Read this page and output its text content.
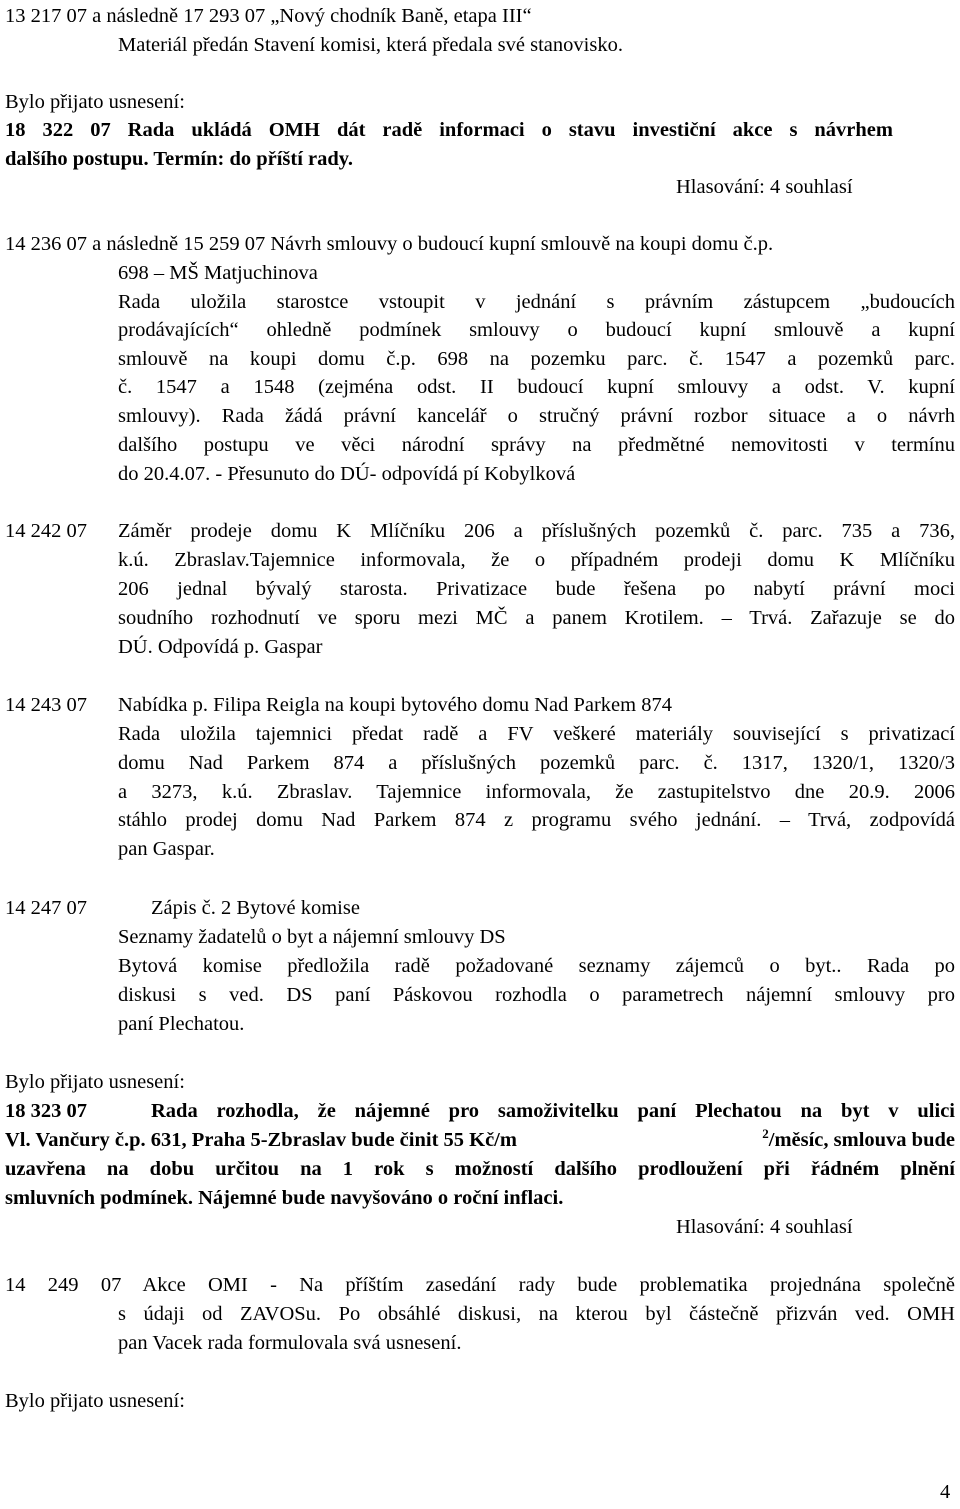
13 217 07 a následně 17 293 07 „Nový chodník Baně, etapa III“
Materiál předán Stavení komisi, která předala své stanovisko.
Bylo přijato usnesení:
18 322 07 Rada ukládá OMH dát radě informaci o stavu investiční akce s návrhem
dalšího postupu. Termín: do příští rady.
Hlasování: 4 souhlasí
14 236 07 a následně 15 259 07 Návrh smlouvy o budoucí kupní smlouvě na koupi domu č.p.
698 – MŠ Matjuchinova
Rada uložila starostce vstoupit v jednání s právním zástupcem „budoucích
prodávajících“ ohledně podmínek smlouvy o budoucí kupní smlouvě a kupní
smlouvě na koupi domu č.p. 698 na pozemku parc. č. 1547 a pozemků parc.
č. 1547 a 1548 (zejména odst. II budoucí kupní smlouvy a odst. V. kupní
smlouvy). Rada žádá právní kancelář o stručný právní rozbor situace a o návrh
dalšího postupu ve věci národní správy na předmětné nemovitosti v termínu
do 20.4.07. - Přesunuto do DÚ- odpovídá pí Kobylková
14 242 07 Záměr prodeje domu K Mlíčníku 206 a příslušných pozemků č. parc. 735 a 736,
k.ú. Zbraslav.Tajemnice informovala, že o případném prodeji domu K Mlíčníku
206 jednal bývalý starosta. Privatizace bude řešena po nabytí právní moci
soudního rozhodnutí ve sporu mezi MČ a panem Krotilem. – Trvá. Zařazuje se do
DÚ. Odpovídá p. Gaspar
14 243 07 Nabídka p. Filipa Reigla na koupi bytového domu Nad Parkem 874
Rada uložila tajemnici předat radě a FV veškeré materiály související s privatizací
domu Nad Parkem 874 a příslušných pozemků parc. č. 1317, 1320/1, 1320/3
a 3273, k.ú. Zbraslav. Tajemnice informovala, že zastupitelstvo dne 20.9. 2006
stáhlo prodej domu Nad Parkem 874 z programu svého jednání. – Trvá, zodpovídá
pan Gaspar.
14 247 07	Zápis č. 2 Bytové komise
Seznamy žadatelů o byt a nájemní smlouvy DS
Bytová komise předložila radě požadované seznamy zájemců o byt.. Rada po
diskusi s ved. DS paní Páskovou rozhodla o parametrech nájemní smlouvy pro
paní Plechatou.
Bylo přijato usnesení:
18 323 07	Rada rozhodla, že nájemné pro samoživitelku paní Plechatou na byt v ulici
Vl. Vančury č.p. 631, Praha 5-Zbraslav bude činit 55 Kč/m	$^2$/měsíc, smlouva bude
uzavřena na dobu určitou na 1 rok s možností dalšího prodloužení při řádném plnění
smluvních podmínek. Nájemné bude navyšováno o roční inflaci.
Hlasování: 4 souhlasí
14 249 07 Akce OMI - Na příštím zasedání rady bude problematika projednána společně
s údaji od ZAVOSu. Po obsáhlé diskusi, na kterou byl částečně přizván ved. OMH
pan Vacek rada formulovala svá usnesení.
Bylo přijato usnesení:
4
